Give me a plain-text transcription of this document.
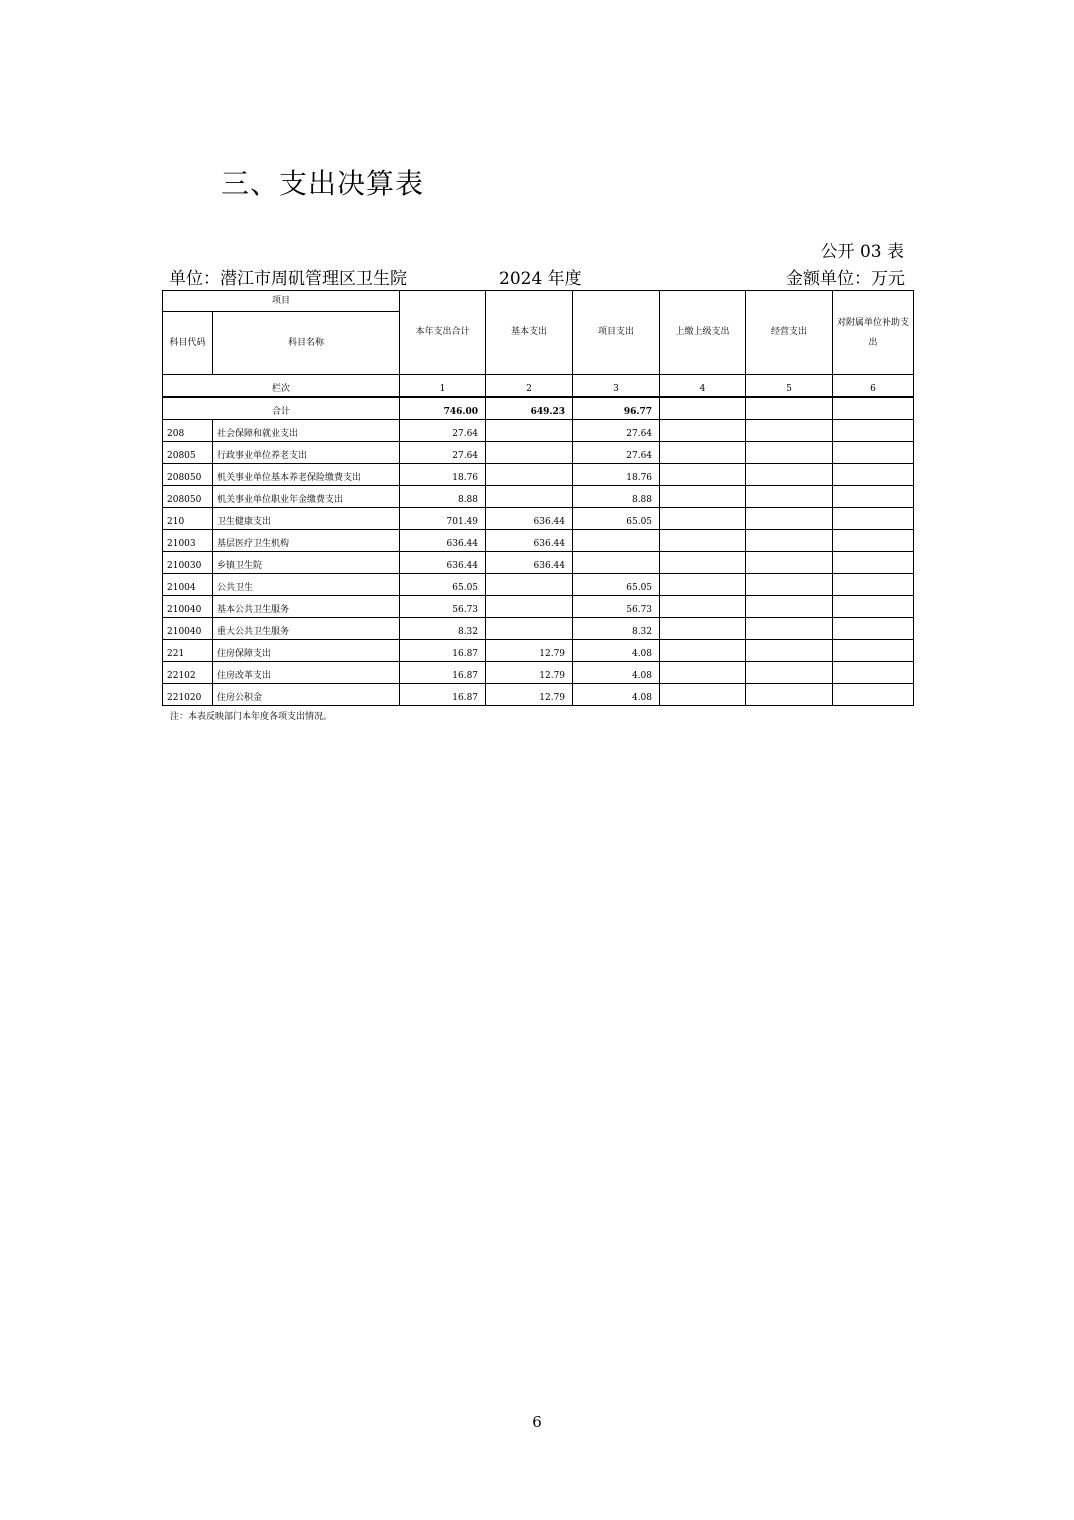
三、支出决算表
公开 03 表
单位：潜江市周矶管理区卫生院	2024 年度	金额单位：万元
项目		本年支出合计	基本支出	项目支出	上缴上级支出	经营支出	对附属单位补助支出
科目代码	科目名称						
栏次		1	2	3	4	5	6
合计		746.00	649.23	96.77			
208	社会保障和就业支出	27.64		27.64			
20805	行政事业单位养老支出	27.64		27.64			
208050	机关事业单位基本养老保险缴费支出	18.76		18.76			
208050	机关事业单位职业年金缴费支出	8.88		8.88			
210	卫生健康支出	701.49	636.44	65.05			
21003	基层医疗卫生机构	636.44	636.44				
210030	乡镇卫生院	636.44	636.44				
21004	公共卫生	65.05		65.05			
210040	基本公共卫生服务	56.73		56.73			
210040	重大公共卫生服务	8.32		8.32			
221	住房保障支出	16.87	12.79	4.08			
22102	住房改革支出	16.87	12.79	4.08			
221020	住房公积金	16.87	12.79	4.08			
注：本表反映部门本年度各项支出情况。
6
